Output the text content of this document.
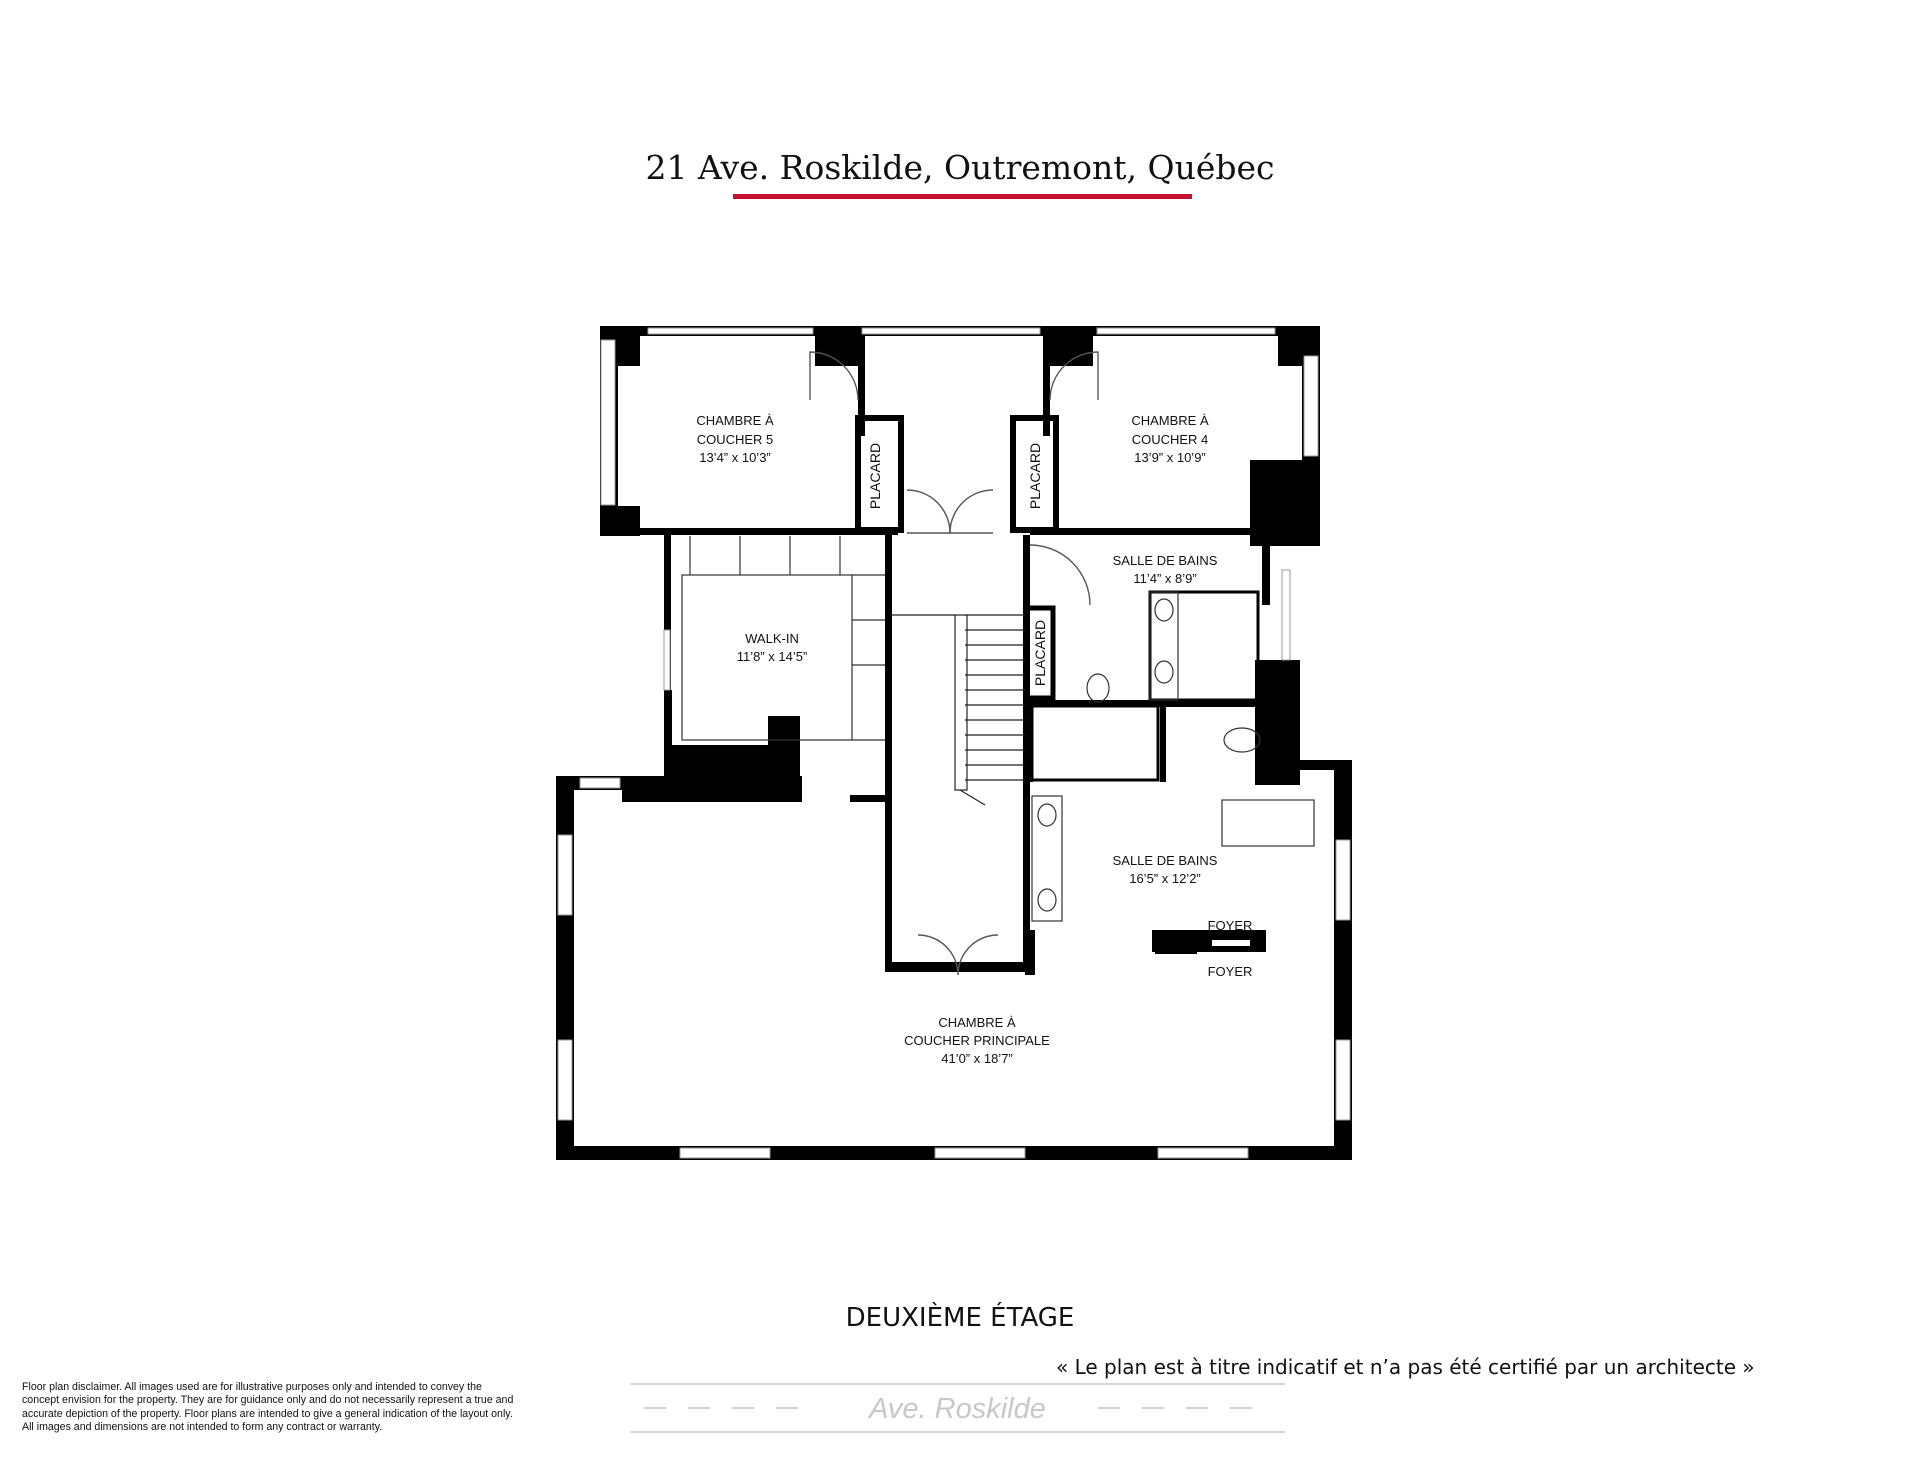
21 Ave. Roskilde, Outremont, Québec
CHAMBRE À
COUCHER 5
13’4” x 10’3”
CHAMBRE À
COUCHER 4
13’9” x 10’9”
SALLE DE BAINS
11’4” x 8’9”
WALK-IN
11’8” x 14’5”
SALLE DE BAINS
16’5” x 12’2”
CHAMBRE À
COUCHER PRINCIPALE
41’0” x 18’7”
FOYER
FOYER
PLACARD	PLACARD
PLACARD
DEUXIÈME ÉTAGE
Floor plan disclaimer. All images used are for illustrative purposes only and intended to convey the
concept envision for the property. They are for guidance only and do not necessarily represent a true and
accurate depiction of the property. Floor plans are intended to give a general indication of the layout only.
All images and dimensions are not intended to form any contract or warranty.
« Le plan est à titre indicatif et n’a pas été certifié par un architecte »
Ave. Roskilde
